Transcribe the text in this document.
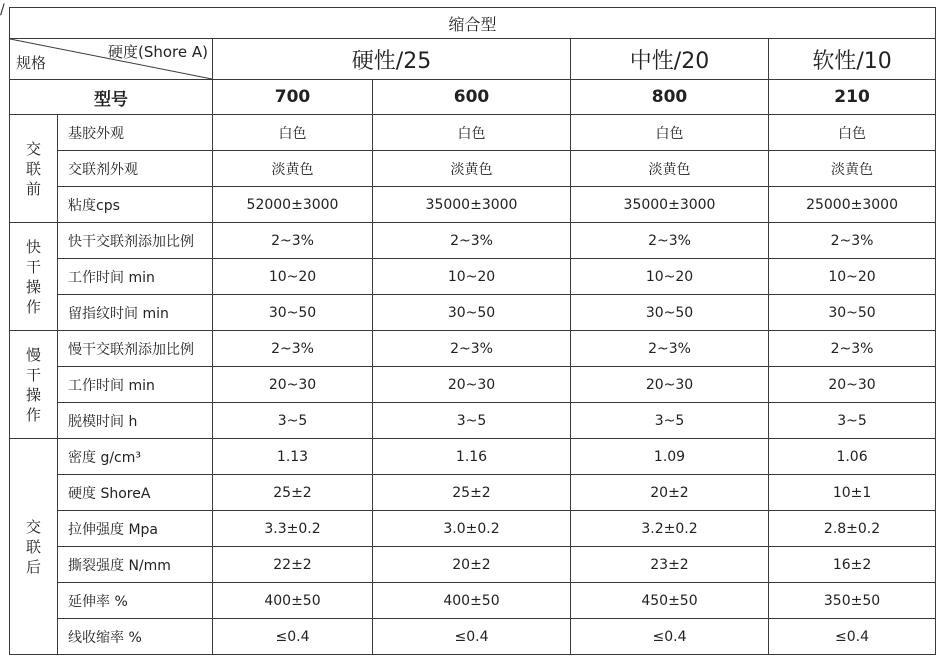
/
缩合型					

硬度(Shore A)
规格		硬性/25		中性/20	软性/10
型号		700	600	800	210

交
联
前	基胶外观	白色	白色	白色	白色
	交联剂外观	淡黄色	淡黄色	淡黄色	淡黄色
	粘度cps	52000±3000	35000±3000	35000±3000	25000±3000

快
干
操
作	快干交联剂添加比例	2~3%	2~3%	2~3%	2~3%
	工作时间 min	10~20	10~20	10~20	10~20
	留指纹时间 min	30~50	30~50	30~50	30~50

慢
干
操
作	慢干交联剂添加比例	2~3%	2~3%	2~3%	2~3%
	工作时间 min	20~30	20~30	20~30	20~30
	脱模时间 h	3~5	3~5	3~5	3~5

交
联
后	密度 g/cm³	1.13	1.16	1.09	1.06
	硬度 ShoreA	25±2	25±2	20±2	10±1
	拉伸强度 Mpa	3.3±0.2	3.0±0.2	3.2±0.2	2.8±0.2
	撕裂强度 N/mm	22±2	20±2	23±2	16±2
	延伸率 %	400±50	400±50	450±50	350±50
	线收缩率 %	≤0.4	≤0.4	≤0.4	≤0.4
